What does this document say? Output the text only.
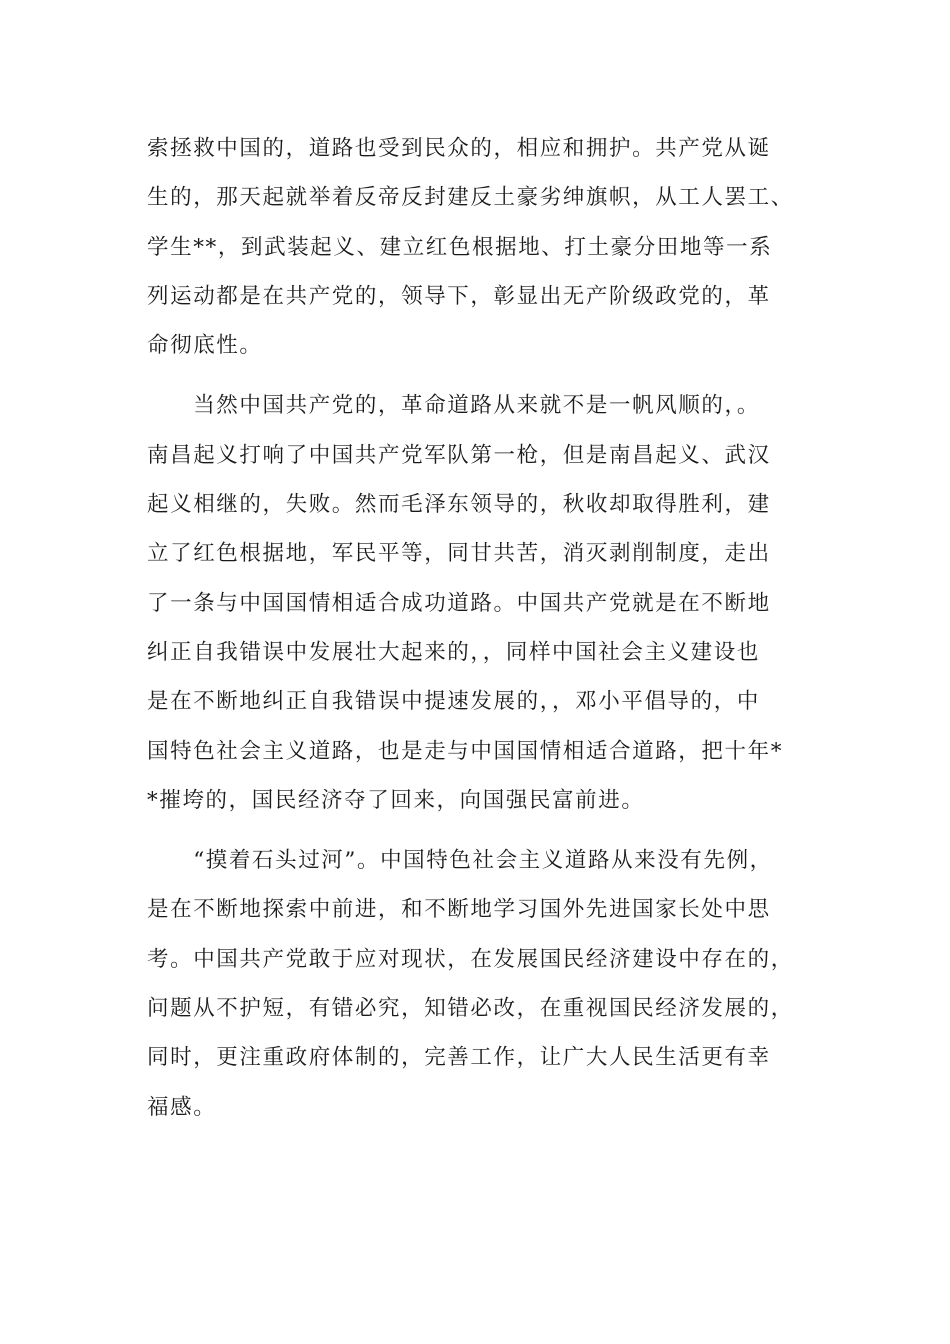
索拯救中国的，道路也受到民众的，相应和拥护。共产党从诞
生的，那天起就举着反帝反封建反土豪劣绅旗帜，从工人罢工、
学生**，到武装起义、建立红色根据地、打土豪分田地等一系
列运动都是在共产党的，领导下，彰显出无产阶级政党的，革
命彻底性。
　　当然中国共产党的，革命道路从来就不是一帆风顺的，。
南昌起义打响了中国共产党军队第一枪，但是南昌起义、武汉
起义相继的，失败。然而毛泽东领导的，秋收却取得胜利，建
立了红色根据地，军民平等，同甘共苦，消灭剥削制度，走出
了一条与中国国情相适合成功道路。中国共产党就是在不断地
纠正自我错误中发展壮大起来的，，同样中国社会主义建设也
是在不断地纠正自我错误中提速发展的，，邓小平倡导的，中
国特色社会主义道路，也是走与中国国情相适合道路，把十年*
*摧垮的，国民经济夺了回来，向国强民富前进。
　　“摸着石头过河”。中国特色社会主义道路从来没有先例，
是在不断地探索中前进，和不断地学习国外先进国家长处中思
考。中国共产党敢于应对现状，在发展国民经济建设中存在的，
问题从不护短，有错必究，知错必改，在重视国民经济发展的，
同时，更注重政府体制的，完善工作，让广大人民生活更有幸
福感。
